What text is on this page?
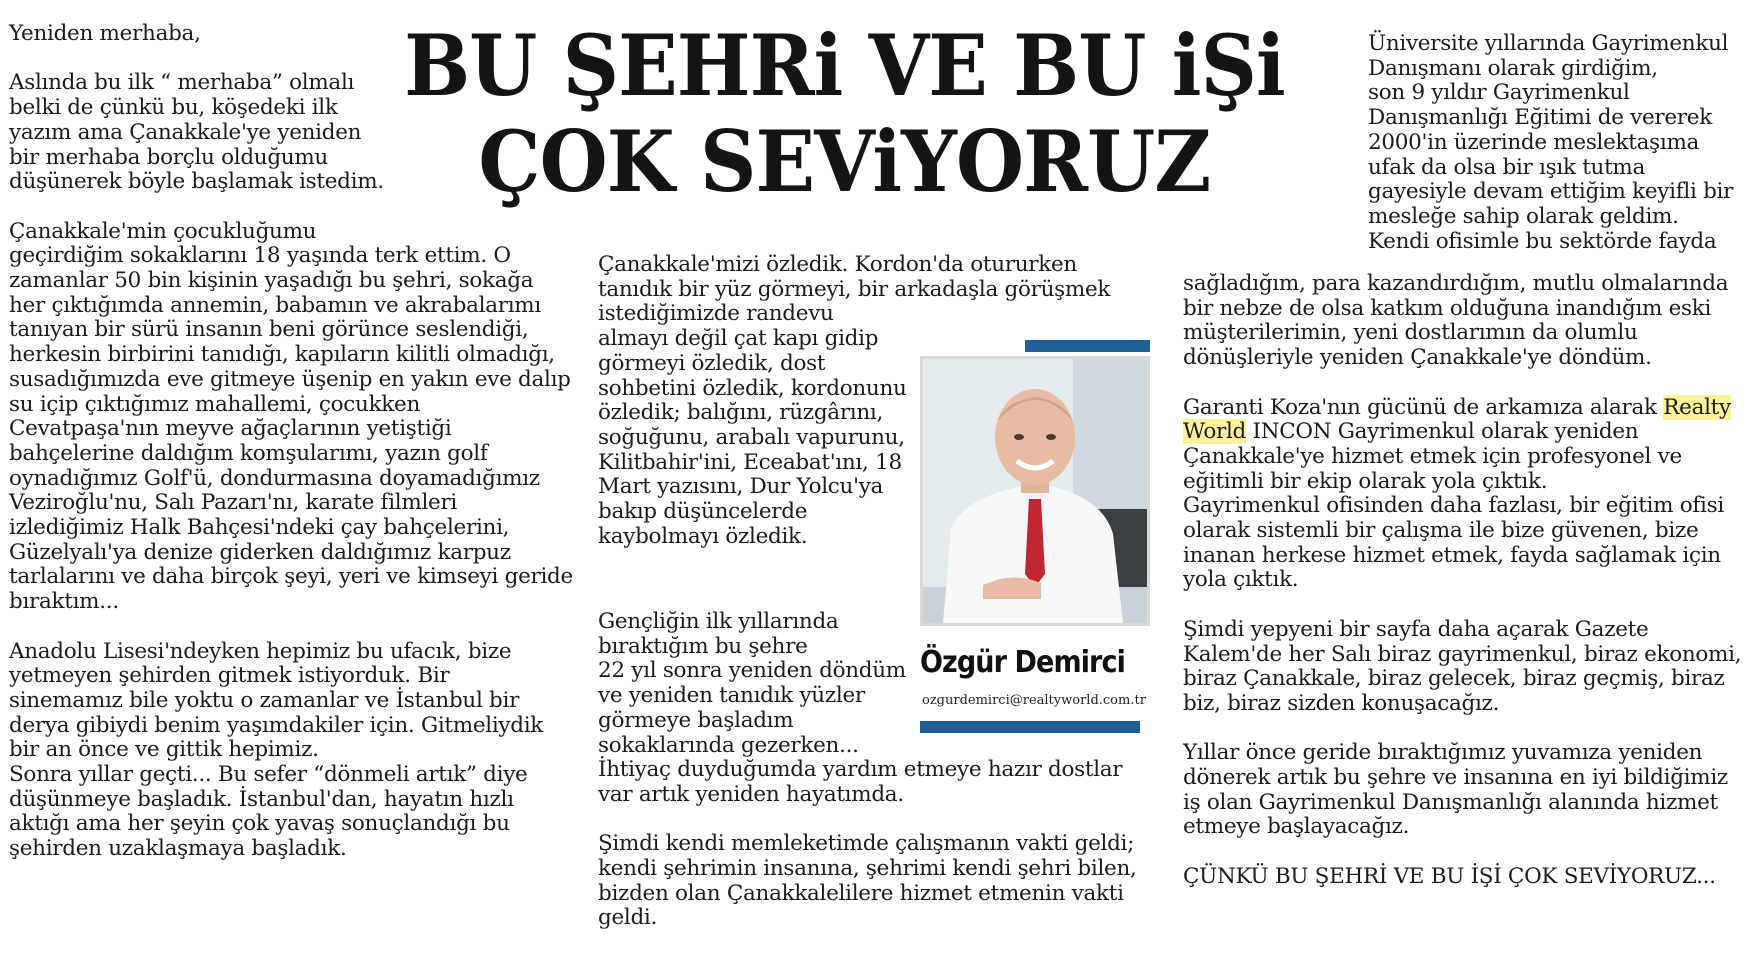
BU ŞEHRi VE BU iŞi
ÇOK SEViYORUZ

Yeniden merhaba,

Aslında bu ilk “ merhaba” olmalı
belki de çünkü bu, köşedeki ilk
yazım ama Çanakkale'ye yeniden
bir merhaba borçlu olduğumu
düşünerek böyle başlamak istedim.

Çanakkale'min çocukluğumu
geçirdiğim sokaklarını 18 yaşında terk ettim. O
zamanlar 50 bin kişinin yaşadığı bu şehri, sokağa
her çıktığımda annemin, babamın ve akrabalarımı
tanıyan bir sürü insanın beni görünce seslendiği,
herkesin birbirini tanıdığı, kapıların kilitli olmadığı,
susadığımızda eve gitmeye üşenip en yakın eve dalıp
su içip çıktığımız mahallemi, çocukken
Cevatpaşa'nın meyve ağaçlarının yetiştiği
bahçelerine daldığım komşularımı, yazın golf
oynadığımız Golf'ü, dondurmasına doyamadığımız
Veziroğlu'nu, Salı Pazarı'nı, karate filmleri
izlediğimiz Halk Bahçesi'ndeki çay bahçelerini,
Güzelyalı'ya denize giderken daldığımız karpuz
tarlalarını ve daha birçok şeyi, yeri ve kimseyi geride
bıraktım...

Anadolu Lisesi'ndeyken hepimiz bu ufacık, bize
yetmeyen şehirden gitmek istiyorduk. Bir
sinemamız bile yoktu o zamanlar ve İstanbul bir
derya gibiydi benim yaşımdakiler için. Gitmeliydik
bir an önce ve gittik hepimiz.
Sonra yıllar geçti... Bu sefer “dönmeli artık” diye
düşünmeye başladık. İstanbul'dan, hayatın hızlı
aktığı ama her şeyin çok yavaş sonuçlandığı bu
şehirden uzaklaşmaya başladık.

Çanakkale'mizi özledik. Kordon'da otururken
tanıdık bir yüz görmeyi, bir arkadaşla görüşmek
istediğimizde randevu
almayı değil çat kapı gidip
görmeyi özledik, dost
sohbetini özledik, kordonunu
özledik; balığını, rüzgârını,
soğuğunu, arabalı vapurunu,
Kilitbahir'ini, Eceabat'ını, 18
Mart yazısını, Dur Yolcu'ya
bakıp düşüncelerde
kaybolmayı özledik.

Gençliğin ilk yıllarında
bıraktığım bu şehre
22 yıl sonra yeniden döndüm
ve yeniden tanıdık yüzler
görmeye başladım
sokaklarında gezerken...
İhtiyaç duyduğumda yardım etmeye hazır dostlar
var artık yeniden hayatımda.

Şimdi kendi memleketimde çalışmanın vakti geldi;
kendi şehrimin insanına, şehrimi kendi şehri bilen,
bizden olan Çanakkalelilere hizmet etmenin vakti
geldi.

Özgür Demirci
ozgurdemirci@realtyworld.com.tr

Üniversite yıllarında Gayrimenkul
Danışmanı olarak girdiğim,
son 9 yıldır Gayrimenkul
Danışmanlığı Eğitimi de vererek
2000'in üzerinde meslektaşıma
ufak da olsa bir ışık tutma
gayesiyle devam ettiğim keyifli bir
mesleğe sahip olarak geldim.
Kendi ofisimle bu sektörde fayda

sağladığım, para kazandırdığım, mutlu olmalarında
bir nebze de olsa katkım olduğuna inandığım eski
müşterilerimin, yeni dostlarımın da olumlu
dönüşleriyle yeniden Çanakkale'ye döndüm.

Garanti Koza'nın gücünü de arkamıza alarak Realty
World INCON Gayrimenkul olarak yeniden
Çanakkale'ye hizmet etmek için profesyonel ve
eğitimli bir ekip olarak yola çıktık.
Gayrimenkul ofisinden daha fazlası, bir eğitim ofisi
olarak sistemli bir çalışma ile bize güvenen, bize
inanan herkese hizmet etmek, fayda sağlamak için
yola çıktık.

Şimdi yepyeni bir sayfa daha açarak Gazete
Kalem'de her Salı biraz gayrimenkul, biraz ekonomi,
biraz Çanakkale, biraz gelecek, biraz geçmiş, biraz
biz, biraz sizden konuşacağız.

Yıllar önce geride bıraktığımız yuvamıza yeniden
dönerek artık bu şehre ve insanına en iyi bildiğimiz
iş olan Gayrimenkul Danışmanlığı alanında hizmet
etmeye başlayacağız.

ÇÜNKÜ BU ŞEHRİ VE BU İŞİ ÇOK SEVİYORUZ...
